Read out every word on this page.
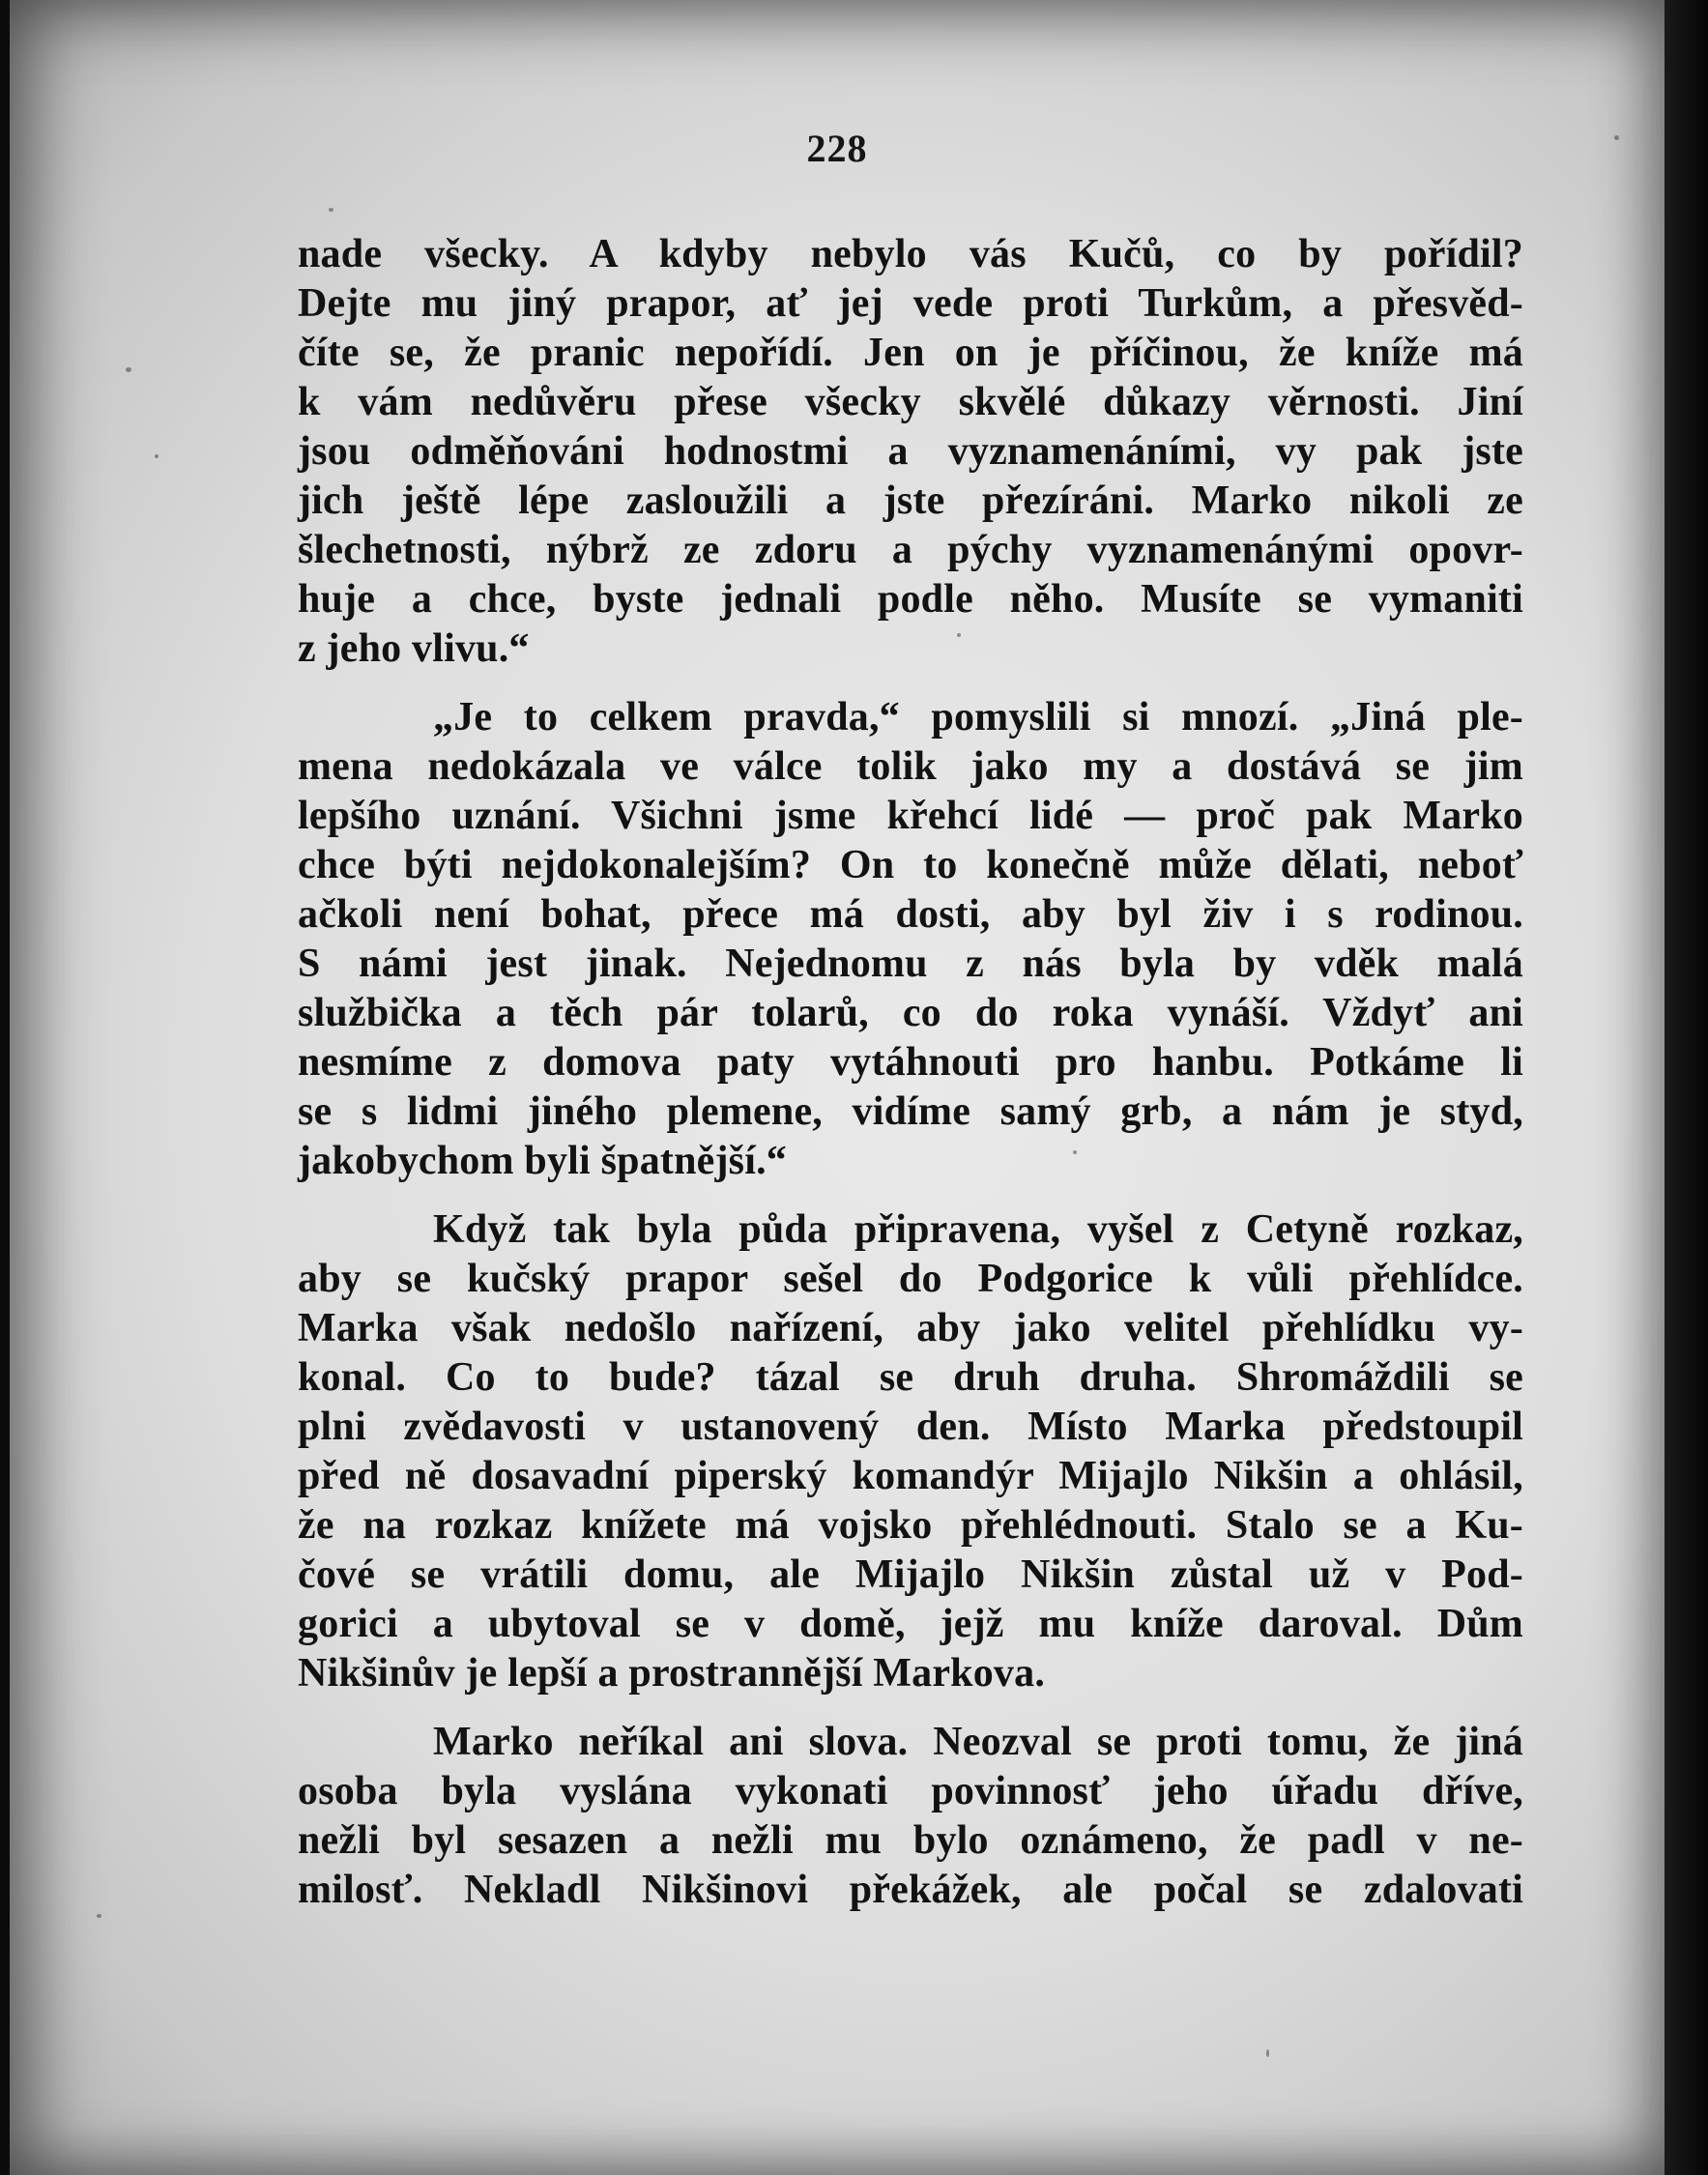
228
nade všecky. A kdyby nebylo vás Kučů, co by pořídil?
Dejte mu jiný prapor, ať jej vede proti Turkům, a přesvěd-
číte se, že pranic nepořídí. Jen on je příčinou, že kníže má
k vám nedůvěru přese všecky skvělé důkazy věrnosti. Jiní
jsou odměňováni hodnostmi a vyznamenáními, vy pak jste
jich ještě lépe zasloužili a jste přezíráni. Marko nikoli ze
šlechetnosti, nýbrž ze zdoru a pýchy vyznamenánými opovr-
huje a chce, byste jednali podle něho. Musíte se vymaniti
z jeho vlivu.“
„Je to celkem pravda,“ pomyslili si mnozí. „Jiná ple-
mena nedokázala ve válce tolik jako my a dostává se jim
lepšího uznání. Všichni jsme křehcí lidé — proč pak Marko
chce býti nejdokonalejším? On to konečně může dělati, neboť
ačkoli není bohat, přece má dosti, aby byl živ i s rodinou.
S námi jest jinak. Nejednomu z nás byla by vděk malá
službička a těch pár tolarů, co do roka vynáší. Vždyť ani
nesmíme z domova paty vytáhnouti pro hanbu. Potkáme li
se s lidmi jiného plemene, vidíme samý grb, a nám je styd,
jakobychom byli špatnější.“
Když tak byla půda připravena, vyšel z Cetyně rozkaz,
aby se kučský prapor sešel do Podgorice k vůli přehlídce.
Marka však nedošlo nařízení, aby jako velitel přehlídku vy-
konal. Co to bude? tázal se druh druha. Shromáždili se
plni zvědavosti v ustanovený den. Místo Marka předstoupil
před ně dosavadní piperský komandýr Mijajlo Nikšin a ohlásil,
že na rozkaz knížete má vojsko přehlédnouti. Stalo se a Ku-
čové se vrátili domu, ale Mijajlo Nikšin zůstal už v Pod-
gorici a ubytoval se v domě, jejž mu kníže daroval. Dům
Nikšinův je lepší a prostrannější Markova.
Marko neříkal ani slova. Neozval se proti tomu, že jiná
osoba byla vyslána vykonati povinnosť jeho úřadu dříve,
nežli byl sesazen a nežli mu bylo oznámeno, že padl v ne-
milosť. Nekladl Nikšinovi překážek, ale počal se zdalovati
